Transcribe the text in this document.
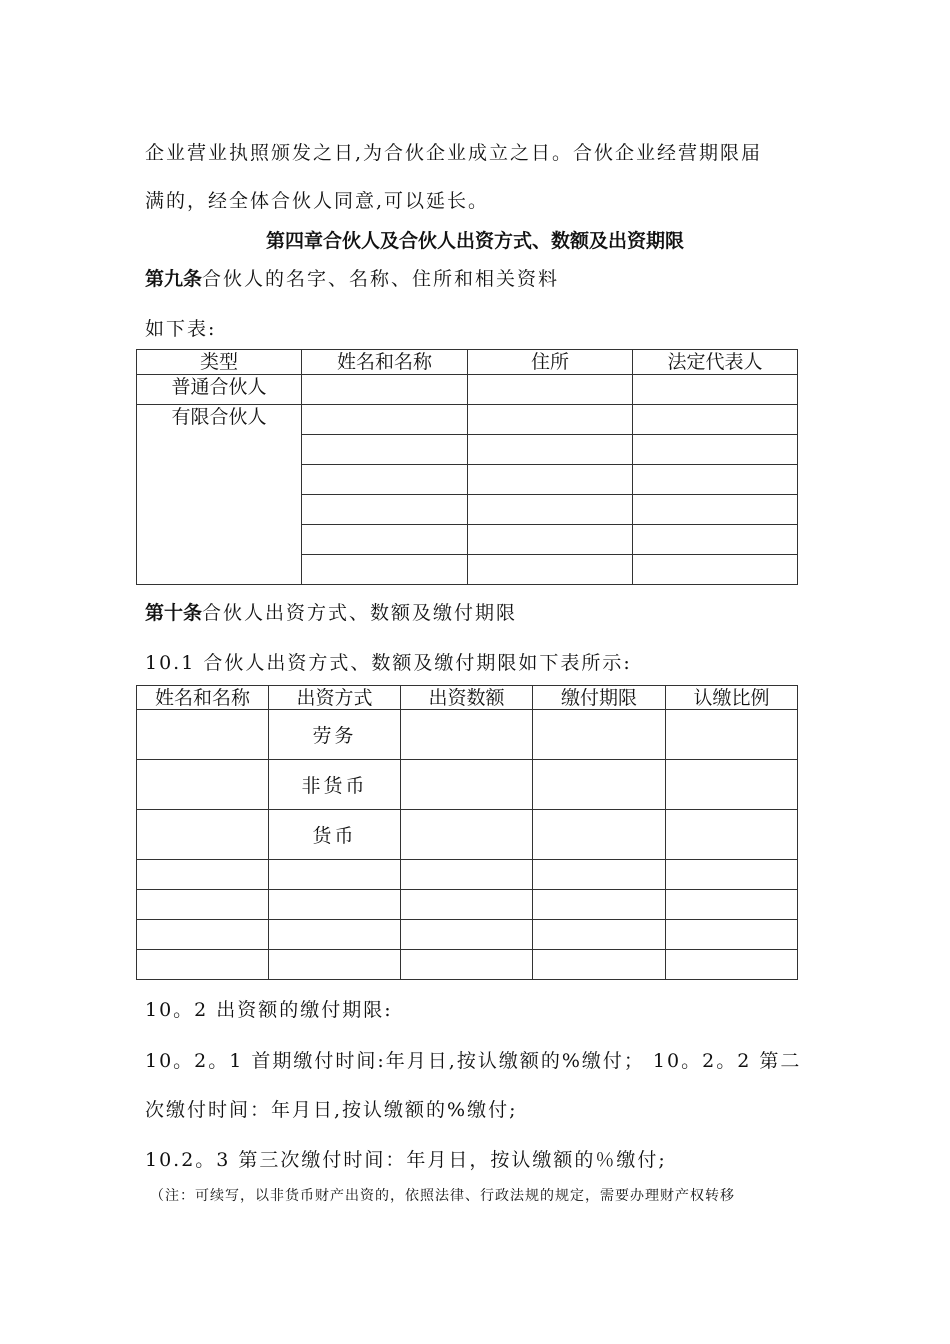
企业营业执照颁发之日,为合伙企业成立之日。合伙企业经营期限届
满的，经全体合伙人同意,可以延长。
第四章合伙人及合伙人出资方式、数额及出资期限
第九条合伙人的名字、名称、住所和相关资料
如下表:
类型	姓名和名称	住所	法定代表人
普通合伙人			
有限合伙人			

第十条合伙人出资方式、数额及缴付期限
10.1 合伙人出资方式、数额及缴付期限如下表所示:
姓名和名称	出资方式	出资数额	缴付期限	认缴比例
	劳务			
	非货币			
	货币			

10。2 出资额的缴付期限:
10。2。1 首期缴付时间:年月日,按认缴额的%缴付； 10。2。2 第二
次缴付时间：年月日,按认缴额的%缴付;
10.2。3 第三次缴付时间：年月日，按认缴额的％缴付;
（注：可续写，以非货币财产出资的，依照法律、行政法规的规定，需要办理财产权转移
